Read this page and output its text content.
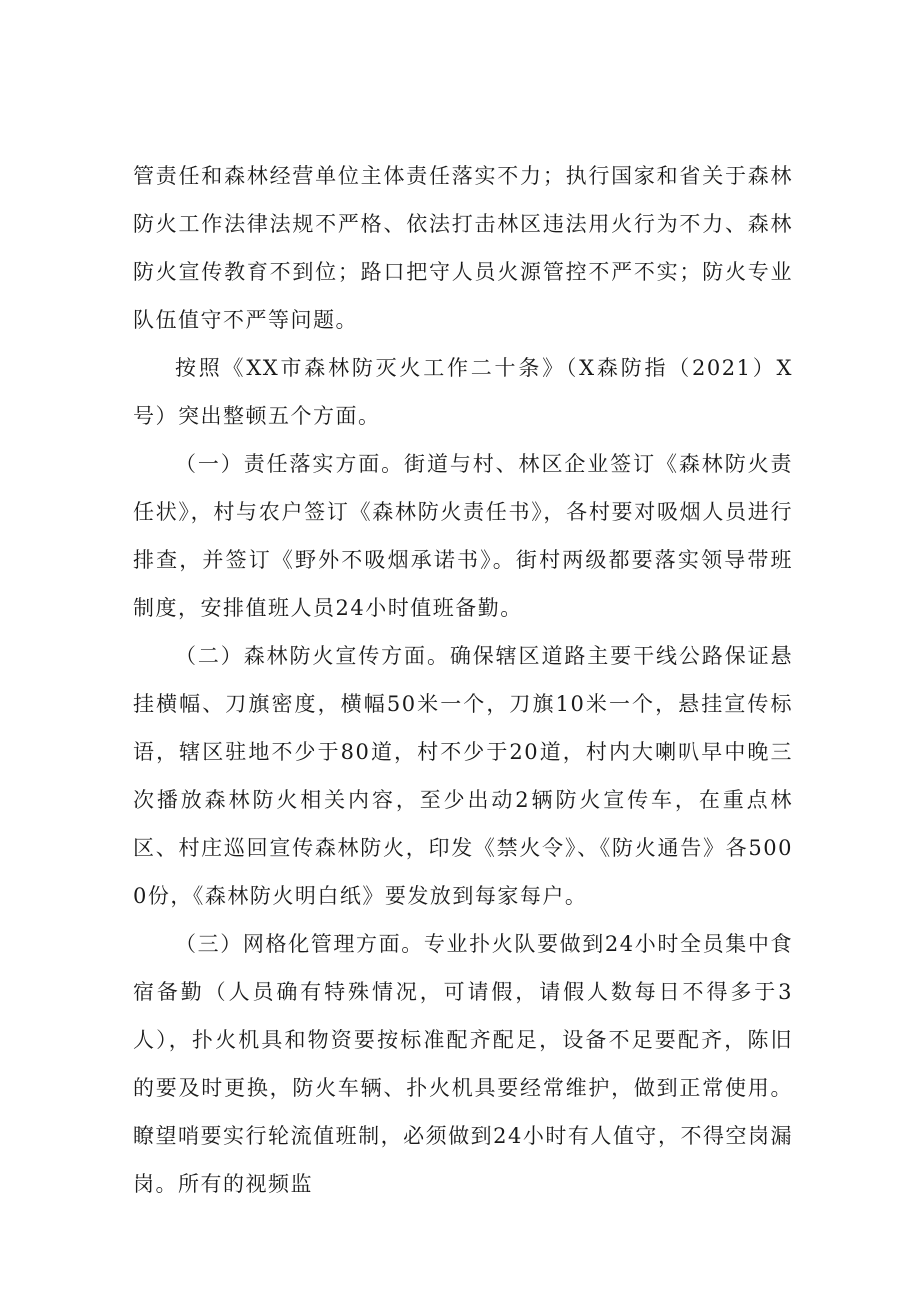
管责任和森林经营单位主体责任落实不力；执行国家和省关于森林防火工作法律法规不严格、依法打击林区违法用火行为不力、森林防火宣传教育不到位；路口把守人员火源管控不严不实；防火专业队伍值守不严等问题。

按照《XX市森林防灭火工作二十条》（X森防指（2021）X号）突出整顿五个方面。

（一）责任落实方面。街道与村、林区企业签订《森林防火责任状》，村与农户签订《森林防火责任书》，各村要对吸烟人员进行排查，并签订《野外不吸烟承诺书》。街村两级都要落实领导带班制度，安排值班人员24小时值班备勤。

（二）森林防火宣传方面。确保辖区道路主要干线公路保证悬挂横幅、刀旗密度，横幅50米一个，刀旗10米一个，悬挂宣传标语，辖区驻地不少于80道，村不少于20道，村内大喇叭早中晚三次播放森林防火相关内容，至少出动2辆防火宣传车，在重点林区、村庄巡回宣传森林防火，印发《禁火令》、《防火通告》各5000份，《森林防火明白纸》要发放到每家每户。

（三）网格化管理方面。专业扑火队要做到24小时全员集中食宿备勤（人员确有特殊情况，可请假，请假人数每日不得多于3人），扑火机具和物资要按标准配齐配足，设备不足要配齐，陈旧的要及时更换，防火车辆、扑火机具要经常维护，做到正常使用。瞭望哨要实行轮流值班制，必须做到24小时有人值守，不得空岗漏岗。所有的视频监
